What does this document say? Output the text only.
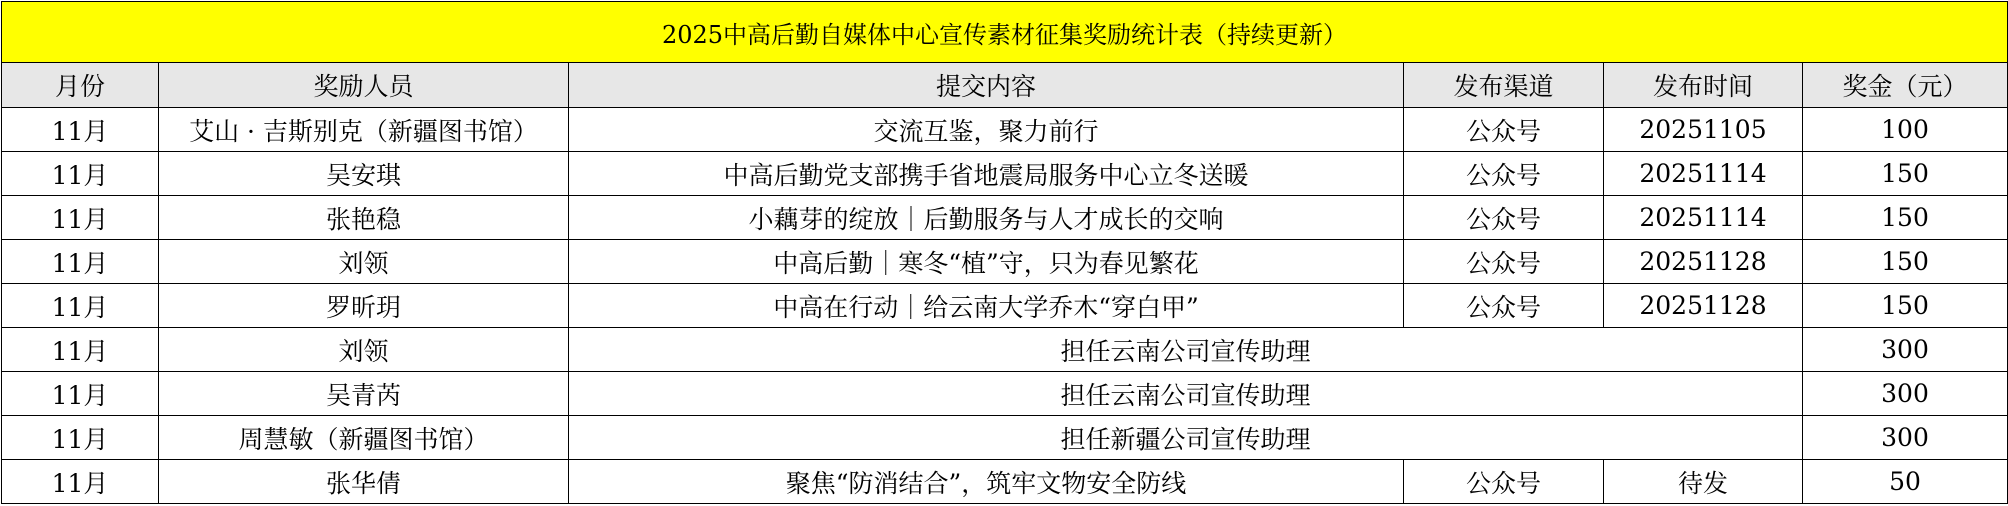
2025中高后勤自媒体中心宣传素材征集奖励统计表（持续更新）					
月份	奖励人员	提交内容	发布渠道	发布时间	奖金（元）
11月	艾山 · 吉斯别克（新疆图书馆）	交流互鉴，聚力前行	公众号	20251105	100
11月	吴安琪	中高后勤党支部携手省地震局服务中心立冬送暖	公众号	20251114	150
11月	张艳稳	小藕芽的绽放｜后勤服务与人才成长的交响	公众号	20251114	150
11月	刘领	中高后勤｜寒冬“植”守，只为春见繁花	公众号	20251128	150
11月	罗昕玥	中高在行动｜给云南大学乔木“穿白甲”	公众号	20251128	150
11月	刘领	担任云南公司宣传助理			300
11月	吴青芮	担任云南公司宣传助理			300
11月	周慧敏（新疆图书馆）	担任新疆公司宣传助理			300
11月	张华倩	聚焦“防消结合”，筑牢文物安全防线	公众号	待发	50
